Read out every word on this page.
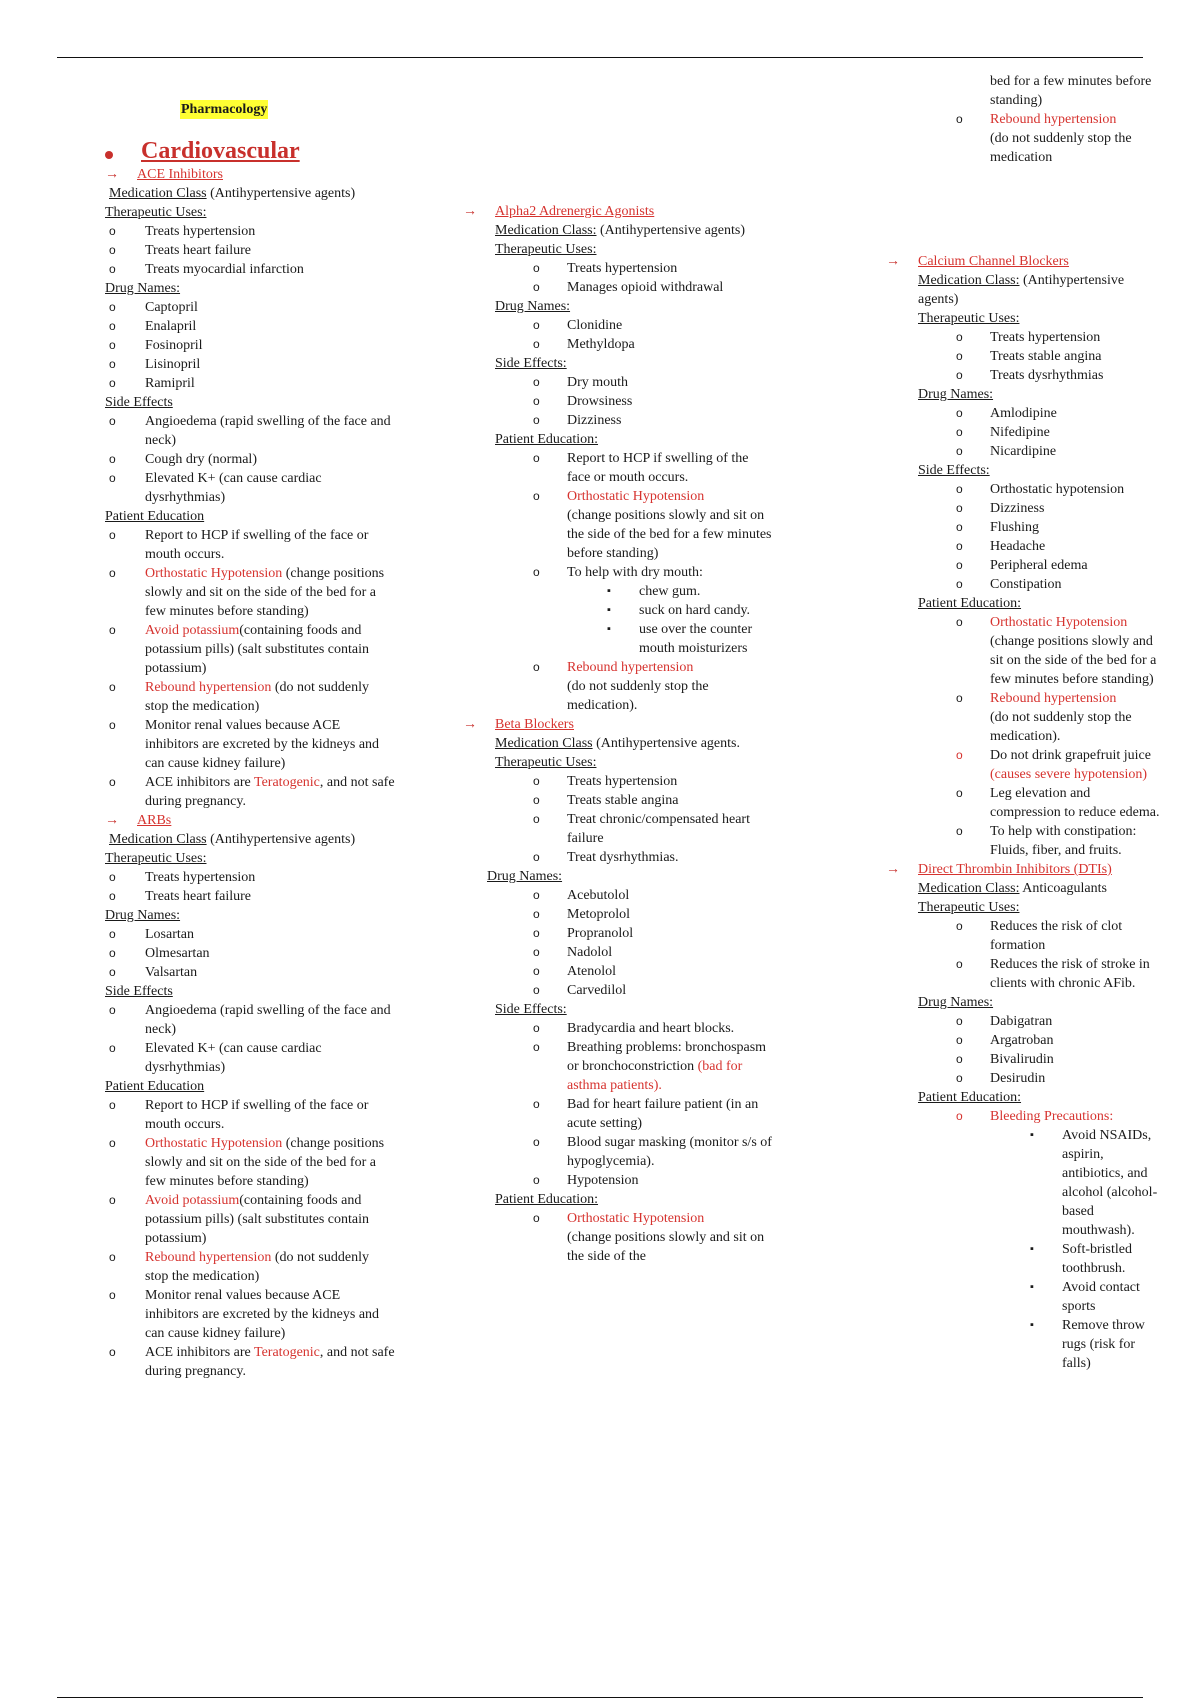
Pharmacology
Cardiovascular
→ ACE Inhibitors
Medication Class (Antihypertensive agents)
Therapeutic Uses:
o Treats hypertension
o Treats heart failure
o Treats myocardial infarction
Drug Names:
o Captopril
o Enalapril
o Fosinopril
o Lisinopril
o Ramipril
Side Effects
o Angioedema (rapid swelling of the face and neck)
o Cough dry (normal)
o Elevated K+ (can cause cardiac dysrhythmias)
Patient Education
o Report to HCP if swelling of the face or mouth occurs.
o Orthostatic Hypotension (change positions slowly and sit on the side of the bed for a few minutes before standing)
o Avoid potassium(containing foods and potassium pills) (salt substitutes contain potassium)
o Rebound hypertension (do not suddenly stop the medication)
o Monitor renal values because ACE inhibitors are excreted by the kidneys and can cause kidney failure)
o ACE inhibitors are Teratogenic, and not safe during pregnancy.
→ ARBs
Medication Class (Antihypertensive agents)
Therapeutic Uses:
o Treats hypertension
o Treats heart failure
Drug Names:
o Losartan
o Olmesartan
o Valsartan
Side Effects
o Angioedema (rapid swelling of the face and neck)
o Elevated K+ (can cause cardiac dysrhythmias)
Patient Education
o Report to HCP if swelling of the face or mouth occurs.
o Orthostatic Hypotension (change positions slowly and sit on the side of the bed for a few minutes before standing)
o Avoid potassium(containing foods and potassium pills) (salt substitutes contain potassium)
o Rebound hypertension (do not suddenly stop the medication)
o Monitor renal values because ACE inhibitors are excreted by the kidneys and can cause kidney failure)
o ACE inhibitors are Teratogenic, and not safe during pregnancy.
→ Alpha2 Adrenergic Agonists
Medication Class: (Antihypertensive agents)
Therapeutic Uses:
o Treats hypertension
o Manages opioid withdrawal
Drug Names:
o Clonidine
o Methyldopa
Side Effects:
o Dry mouth
o Drowsiness
o Dizziness
Patient Education:
o Report to HCP if swelling of the face or mouth occurs.
o Orthostatic Hypotension
(change positions slowly and sit on the side of the bed for a few minutes before standing)
o To help with dry mouth:
▪ chew gum.
▪ suck on hard candy.
▪ use over the counter mouth moisturizers
o Rebound hypertension
(do not suddenly stop the medication).
→ Beta Blockers
Medication Class (Antihypertensive agents.
Therapeutic Uses:
o Treats hypertension
o Treats stable angina
o Treat chronic/compensated heart failure
o Treat dysrhythmias.
Drug Names:
o Acebutolol
o Metoprolol
o Propranolol
o Nadolol
o Atenolol
o Carvedilol
Side Effects:
o Bradycardia and heart blocks.
o Breathing problems: bronchospasm or bronchoconstriction (bad for asthma patients).
o Bad for heart failure patient (in an acute setting)
o Blood sugar masking (monitor s/s of hypoglycemia).
o Hypotension
Patient Education:
o Orthostatic Hypotension
(change positions slowly and sit on the side of the
bed for a few minutes before standing)
o Rebound hypertension
(do not suddenly stop the medication
→ Calcium Channel Blockers
Medication Class: (Antihypertensive agents)
Therapeutic Uses:
o Treats hypertension
o Treats stable angina
o Treats dysrhythmias
Drug Names:
o Amlodipine
o Nifedipine
o Nicardipine
Side Effects:
o Orthostatic hypotension
o Dizziness
o Flushing
o Headache
o Peripheral edema
o Constipation
Patient Education:
o Orthostatic Hypotension
(change positions slowly and sit on the side of the bed for a few minutes before standing)
o Rebound hypertension
(do not suddenly stop the medication).
o Do not drink grapefruit juice (causes severe hypotension)
o Leg elevation and compression to reduce edema.
o To help with constipation: Fluids, fiber, and fruits.
→ Direct Thrombin Inhibitors (DTIs)
Medication Class: Anticoagulants
Therapeutic Uses:
o Reduces the risk of clot formation
o Reduces the risk of stroke in clients with chronic AFib.
Drug Names:
o Dabigatran
o Argatroban
o Bivalirudin
o Desirudin
Patient Education:
o Bleeding Precautions:
▪ Avoid NSAIDs, aspirin, antibiotics, and alcohol (alcohol-based mouthwash).
▪ Soft-bristled toothbrush.
▪ Avoid contact sports
▪ Remove throw rugs (risk for falls)
